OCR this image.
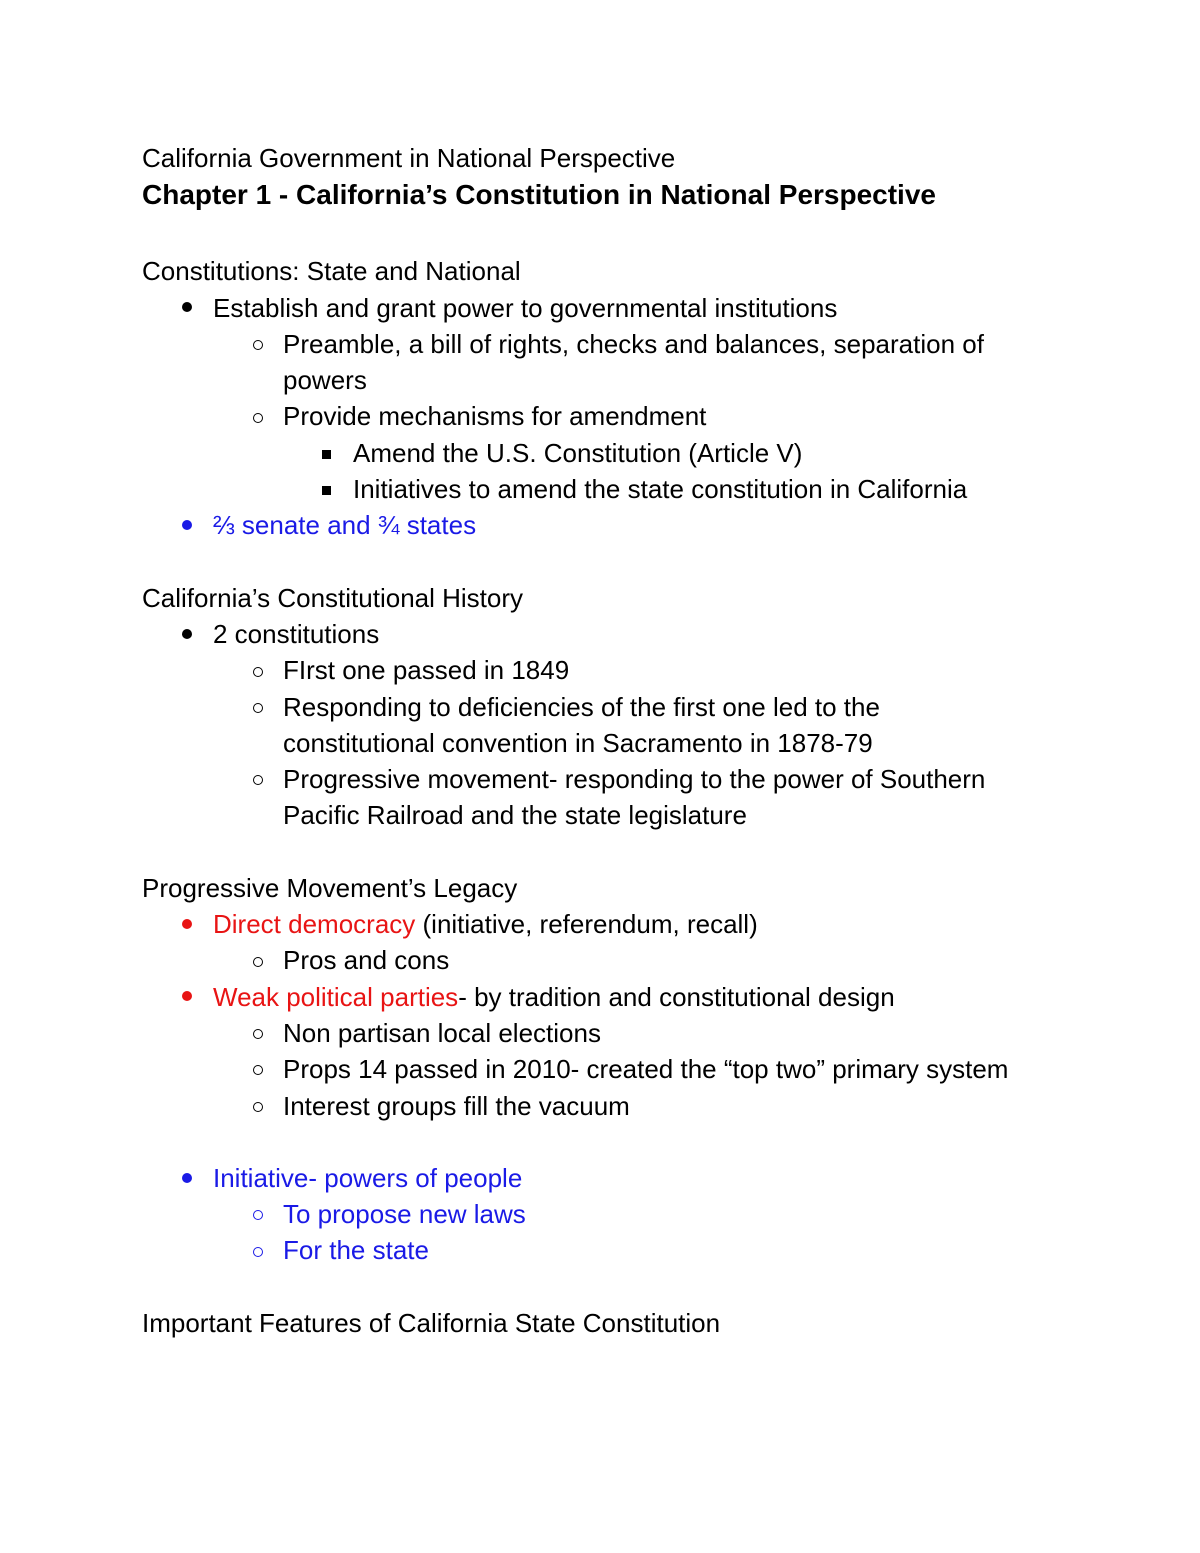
California Government in National Perspective
Chapter 1 - California’s Constitution in National Perspective
Constitutions: State and National
Establish and grant power to governmental institutions
Preamble, a bill of rights, checks and balances, separation of
powers
Provide mechanisms for amendment
Amend the U.S. Constitution (Article V)
Initiatives to amend the state constitution in California
⅔ senate and ¾ states
California’s Constitutional History
2 constitutions
FIrst one passed in 1849
Responding to deficiencies of the first one led to the
constitutional convention in Sacramento in 1878-79
Progressive movement- responding to the power of Southern
Pacific Railroad and the state legislature
Progressive Movement’s Legacy
Direct democracy (initiative, referendum, recall)
Pros and cons
Weak political parties- by tradition and constitutional design
Non partisan local elections
Props 14 passed in 2010- created the “top two” primary system
Interest groups fill the vacuum
Initiative- powers of people
To propose new laws
For the state
Important Features of California State Constitution
